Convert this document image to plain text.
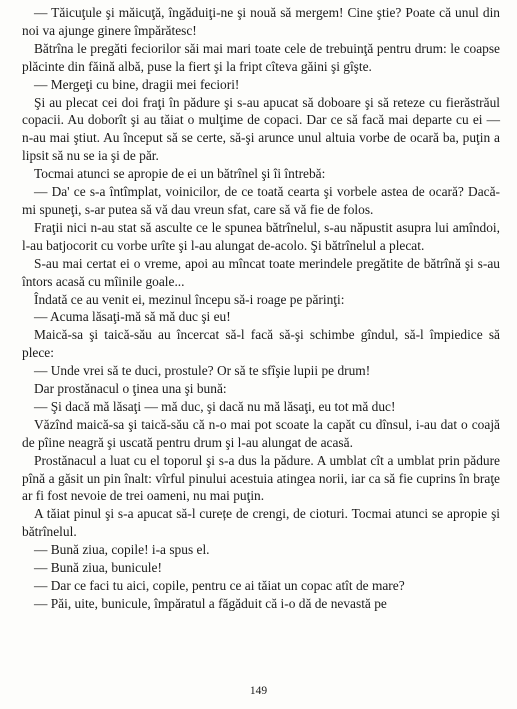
— Tăicuţule şi măicuţă, îngăduiţi-ne şi nouă să mergem! Cine ştie? Poate că unul din noi va ajunge ginere împărătesc!

Bătrîna le pregăti feciorilor săi mai mari toate cele de trebuinţă pentru drum: le coapse plăcinte din făină albă, puse la fiert şi la fript cîteva găini şi gîşte.

— Mergeţi cu bine, dragii mei feciori!

Şi au plecat cei doi fraţi în pădure şi s-au apucat să doboare şi să reteze cu fierăstrăul copacii. Au doborît şi au tăiat o mulţime de copaci. Dar ce să facă mai departe cu ei — n-au mai ştiut. Au început să se certe, să-şi arunce unul altuia vorbe de ocară ba, puţin a lipsit să nu se ia şi de păr.

Tocmai atunci se apropie de ei un bătrînel şi îi întrebă:

— Da' ce s-a întîmplat, voinicilor, de ce toată cearta şi vorbele astea de ocară? Dacă-mi spuneţi, s-ar putea să vă dau vreun sfat, care să vă fie de folos.

Fraţii nici n-au stat să asculte ce le spunea bătrînelul, s-au năpustit asupra lui amîndoi, l-au batjocorit cu vorbe urîte şi l-au alungat de-acolo. Şi bătrînelul a plecat.

S-au mai certat ei o vreme, apoi au mîncat toate merindele pregătite de bătrînă şi s-au întors acasă cu mîinile goale...

Îndată ce au venit ei, mezinul începu să-i roage pe părinţi:

— Acuma lăsaţi-mă să mă duc şi eu!

Maică-sa şi taică-său au încercat să-l facă să-şi schimbe gîndul, să-l împiedice să plece:

— Unde vrei să te duci, prostule? Or să te sfîşie lupii pe drum!

Dar prostănacul o ţinea una şi bună:

— Şi dacă mă lăsaţi — mă duc, şi dacă nu mă lăsaţi, eu tot mă duc!

Văzînd maică-sa şi taică-său că n-o mai pot scoate la capăt cu dînsul, i-au dat o coajă de pîine neagră şi uscată pentru drum şi l-au alungat de acasă.

Prostănacul a luat cu el toporul şi s-a dus la pădure. A umblat cît a umblat prin pădure pînă a găsit un pin înalt: vîrful pinului acestuia atingea norii, iar ca să fie cuprins în braţe ar fi fost nevoie de trei oameni, nu mai puţin.

A tăiat pinul şi s-a apucat să-l curețe de crengi, de cioturi. Tocmai atunci se apropie şi bătrînelul.

— Bună ziua, copile! i-a spus el.

— Bună ziua, bunicule!

— Dar ce faci tu aici, copile, pentru ce ai tăiat un copac atît de mare?

— Păi, uite, bunicule, împăratul a făgăduit că i-o dă de nevastă pe

149
